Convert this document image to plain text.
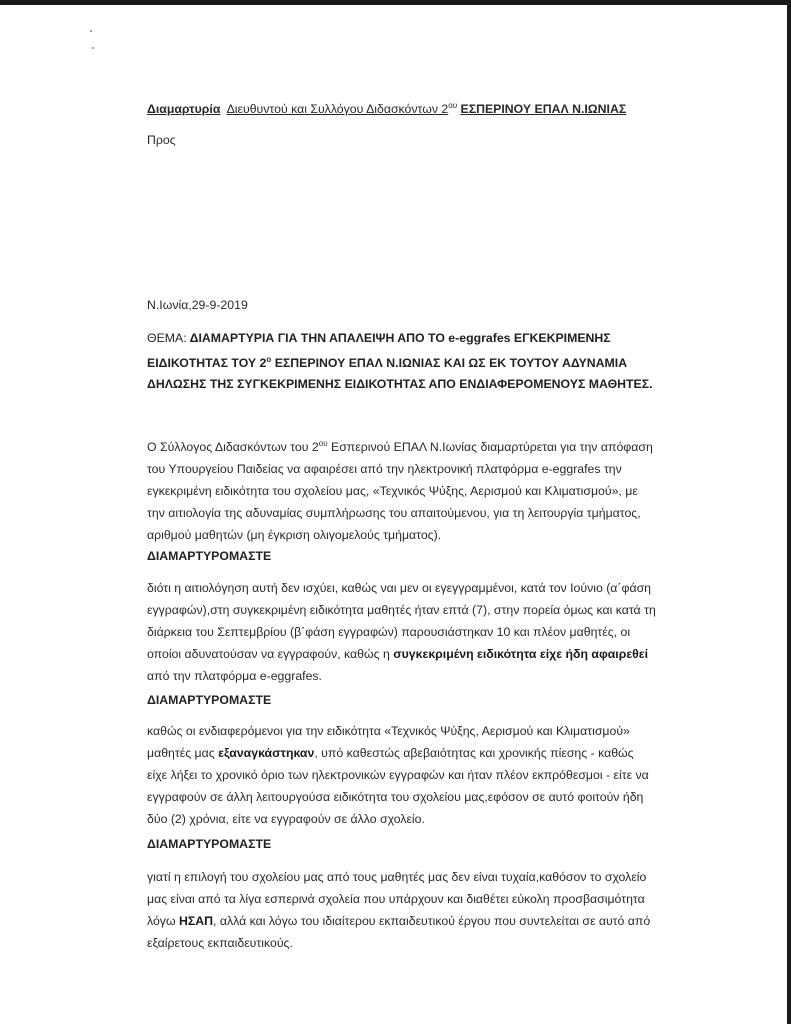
Διαμαρτυρία Διευθυντού και Συλλόγου Διδασκόντων $2^{o\upsilon}$ ΕΣΠΕΡΙΝΟΥ ΕΠΑΛ Ν.ΙΩΝΙΑΣ
Προς
Ν.Ιωνία,29-9-2019
ΘΕΜΑ: ΔΙΑΜΑΡΤΥΡΙΑ ΓΙΑ ΤΗΝ ΑΠΑΛΕΙΨΗ ΑΠΟ ΤΟ e-eggrafes ΕΓΚΕΚΡΙΜΕΝΗΣ ΕΙΔΙΚΟΤΗΤΑΣ ΤΟΥ $2^o$ ΕΣΠΕΡΙΝΟΥ ΕΠΑΛ Ν.ΙΩΝΙΑΣ ΚΑΙ ΩΣ ΕΚ ΤΟΥΤΟΥ ΑΔΥΝΑΜΙΑ ΔΗΛΩΣΗΣ ΤΗΣ ΣΥΓΚΕΚΡΙΜΕΝΗΣ ΕΙΔΙΚΟΤΗΤΑΣ ΑΠΟ ΕΝΔΙΑΦΕΡΟΜΕΝΟΥΣ ΜΑΘΗΤΕΣ.
Ο Σύλλογος Διδασκόντων του $2^{o\upsilon}$ Εσπερινού ΕΠΑΛ Ν.Ιωνίας διαμαρτύρεται για την απόφαση του Υπουργείου Παιδείας να αφαιρέσει από την ηλεκτρονική πλατφόρμα e-eggrafes την εγκεκριμένη ειδικότητα του σχολείου μας, «Τεχνικός Ψύξης, Αερισμού και Κλιματισμού», με την αιτιολογία της αδυναμίας συμπλήρωσης του απαιτούμενου, για τη λειτουργία τμήματος, αριθμού μαθητών (μη έγκριση ολιγομελούς τμήματος).
ΔΙΑΜΑΡΤΥΡΟΜΑΣΤΕ
διότι η αιτιολόγηση αυτή δεν ισχύει, καθώς ναι μεν οι εγεγγραμμένοι, κατά τον Ιούνιο (α΄φάση εγγραφών),στη συγκεκριμένη ειδικότητα μαθητές ήταν επτά (7), στην πορεία όμως και κατά τη διάρκεια του Σεπτεμβρίου (β΄φάση εγγραφών) παρουσιάστηκαν 10 και πλέον μαθητές, οι οποίοι αδυνατούσαν να εγγραφούν, καθώς η συγκεκριμένη ειδικότητα είχε ήδη αφαιρεθεί από την πλατφόρμα e-eggrafes.
ΔΙΑΜΑΡΤΥΡΟΜΑΣΤΕ
καθώς οι ενδιαφερόμενοι για την ειδικότητα «Τεχνικός Ψύξης, Αερισμού και Κλιματισμού» μαθητές μας εξαναγκάστηκαν, υπό καθεστώς αβεβαιότητας και χρονικής πίεσης - καθώς είχε λήξει το χρονικό όριο των ηλεκτρονικών εγγραφών και ήταν πλέον εκπρόθεσμοι - είτε να εγγραφούν σε άλλη λειτουργούσα ειδικότητα του σχολείου μας,εφόσον σε αυτό φοιτούν ήδη δύο (2) χρόνια, είτε να εγγραφούν σε άλλο σχολείο.
ΔΙΑΜΑΡΤΥΡΟΜΑΣΤΕ
γιατί η επιλογή του σχολείου μας από τους μαθητές μας δεν είναι τυχαία,καθόσον το σχολείο μας είναι από τα λίγα εσπερινά σχολεία που υπάρχουν και διαθέτει εύκολη προσβασιμότητα λόγω ΗΣΑΠ, αλλά και λόγω του ιδιαίτερου εκπαιδευτικού έργου που συντελείται σε αυτό από εξαίρετους εκπαιδευτικούς.
